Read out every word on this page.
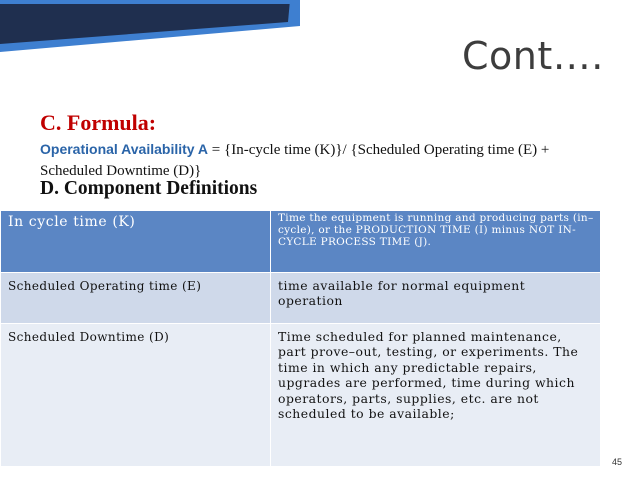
Cont….
C. Formula:
Operational Availability A = {In-cycle time (K)}/ {Scheduled Operating time (E) + Scheduled Downtime (D)}
D. Component Definitions
In cycle time (K)	Time the equipment is running and producing parts (in–cycle), or the PRODUCTION TIME (I) minus NOT IN-CYCLE PROCESS TIME (J).
Scheduled Operating time (E)	time available for normal equipment operation
Scheduled Downtime (D)	Time scheduled for planned maintenance, part prove–out, testing, or experiments. The time in which any predictable repairs, upgrades are performed, time during which operators, parts, supplies, etc. are not scheduled to be available;
45
